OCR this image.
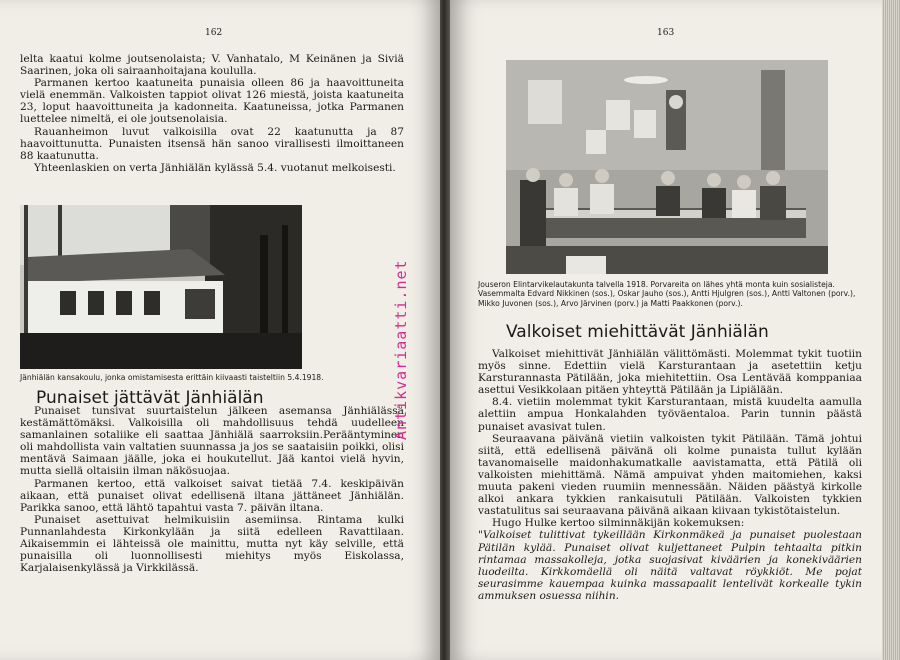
162

lelta kaatui kolme joutsenolaista; V. Vanhatalo, M Keinänen ja Siviä Saarinen, joka oli sairaanhoitajana koululla.

Parmanen kertoo kaatuneita punaisia olleen 86 ja haavoittuneita vielä enemmän. Valkoisten tappiot olivat 126 miestä, joista kaatuneita 23, loput haavoittuneita ja kadonneita. Kaatuneissa, jotka Parmanen luettelee nimeltä, ei ole joutsenolaisia.

Rauanheimon luvut valkoisilla ovat 22 kaatunutta ja 87 haavoittunutta. Punaisten itsensä hän sanoo virallisesti ilmoittaneen 88 kaatunutta.

Yhteenlaskien on verta Jänhiälän kylässä 5.4. vuotanut melkoisesti.

Jänhiälän kansakoulu, jonka omistamisesta erittäin kiivaasti taisteltiin 5.4.1918.
Punaiset jättävät Jänhiälän

Punaiset tunsivat suurtaistelun jälkeen asemansa Jänhiälässä kestämättömäksi. Valkoisilla oli mahdollisuus tehdä uudelleen samanlainen sotaliike eli saattaa Jänhiälä saarroksiin.Perääntyminen oli mahdollista vain valtatien suunnassa ja jos se saataisiin poikki, olisi mentävä Saimaan jäälle, joka ei houkutellut. Jää kantoi vielä hyvin, mutta siellä oltaisiin ilman näkösuojaa.

Parmanen kertoo, että valkoiset saivat tietää 7.4. keskipäivän aikaan, että punaiset olivat edellisenä iltana jättäneet Jänhiälän. Parikka sanoo, että lähtö tapahtui vasta 7. päivän iltana.

Punaiset asettuivat helmikuisiin asemiinsa. Rintama kulki Punnanlahdesta Kirkonkylään ja siitä edelleen Ravattilaan. Aikaisemmin ei lähteissä ole mainittu, mutta nyt käy selville, että punaisilla oli luonnollisesti miehitys myös Eiskolassa, Karjalaisenkylässä ja Virkkilässä.

163
Jouseron Elintarvikelautakunta talvella 1918. Porvareita on lähes yhtä monta kuin sosialisteja. Vasemmalta Edvard Nikkinen (sos.), Oskar Jauho (sos.), Antti Hjulgren (sos.), Antti Valtonen (porv.), Mikko Juvonen (sos.), Arvo Järvinen (porv.) ja Matti Paakkonen (porv.).
Valkoiset miehittävät Jänhiälän

Valkoiset miehittivät Jänhiälän välittömästi. Molemmat tykit tuotiin myös sinne. Edettiin vielä Karsturantaan ja asetettiin ketju Karsturannasta Pätilään, joka miehitettiin. Osa Lentävää komppaniaa asettui Vesikkolaan pitäen yhteyttä Pätilään ja Lipiälään.

8.4. vietiin molemmat tykit Karsturantaan, mistä kuudelta aamulla alettiin ampua Honkalahden työväentaloa. Parin tunnin päästä punaiset avasivat tulen.

Seuraavana päivänä vietiin valkoisten tykit Pätilään. Tämä johtui siitä, että edellisenä päivänä oli kolme punaista tullut kylään tavanomaiselle maidonhakumatkalle aavistamatta, että Pätilä oli valkoisten miehittämä. Nämä ampuivat yhden maitomiehen, kaksi muuta pakeni vieden ruumiin mennessään. Näiden päästyä kirkolle alkoi ankara tykkien rankaisutuli Pätilään. Valkoisten tykkien vastatulitus sai seuraavana päivänä aikaan kiivaan tykistötaistelun.

Hugo Hulke kertoo silminnäkijän kokemuksen:

"Valkoiset tulittivat tykeillään Kirkonmäkeä ja punaiset puolestaan Pätilän kylää. Punaiset olivat kuljettaneet Pulpin tehtaalta pitkin rintamaa massakolleja, jotka suojasivat kiväärien ja konekiväärien luodeilta. Kirkkomäellä oli näitä valtavat röykkiöt. Me pojat seurasimme kauempaa kuinka massapaalit lentelivät korkealle tykin ammuksen osuessa niihin.

Antikvariaatti.net
